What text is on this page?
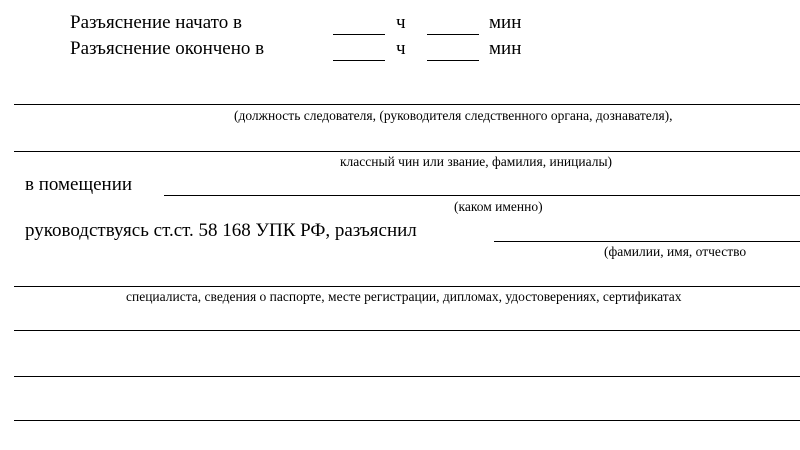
Разъяснение начато в	ч	мин
Разъяснение окончено в	ч	мин
(должность следователя, (руководителя следственного органа, дознавателя),
классный чин или звание, фамилия, инициалы)
в помещении
(каком именно)
руководствуясь ст.ст. 58 168 УПК РФ, разъяснил
(фамилии, имя, отчество
специалиста, сведения о паспорте, месте регистрации, дипломах, удостоверениях, сертификатах
